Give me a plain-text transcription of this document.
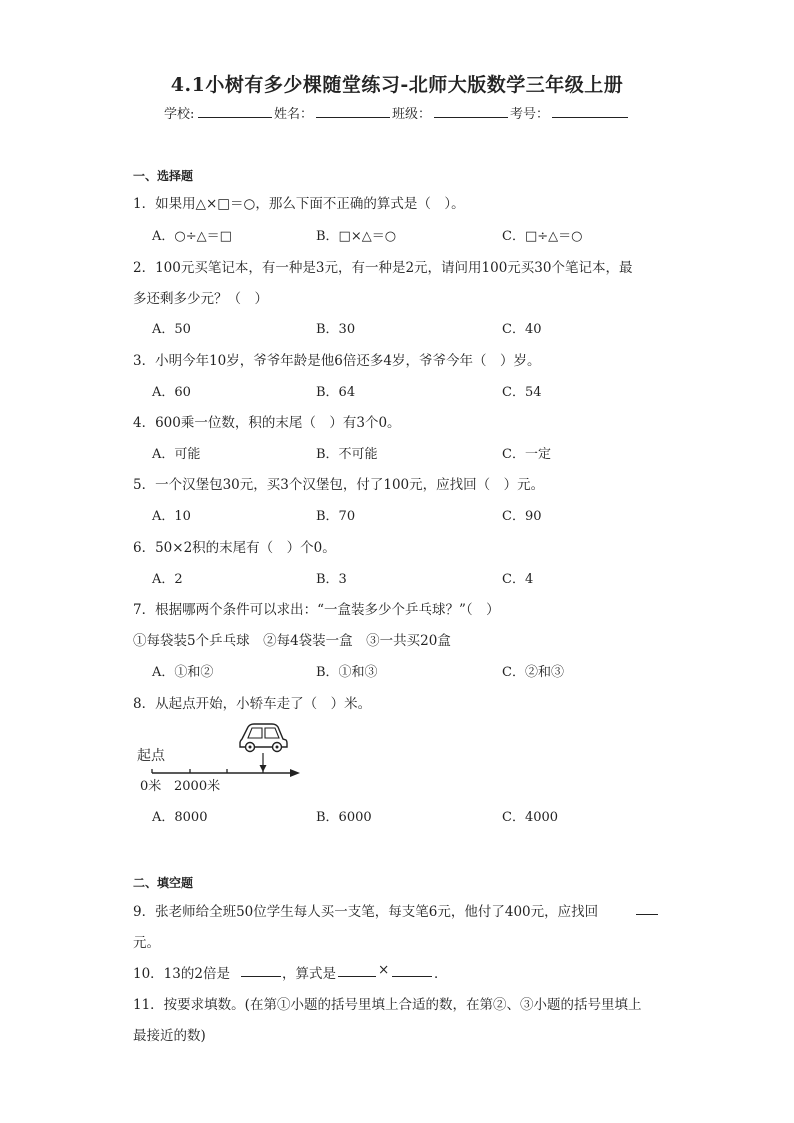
4.1小树有多少棵随堂练习-北师大版数学三年级上册
学校:	姓名：	班级：	考号：
一、选择题
1．如果用△×□＝○，那么下面不正确的算式是（　）。
A．○÷△＝□	B．□×△＝○	C．□÷△＝○
2．100元买笔记本，有一种是3元，有一种是2元，请问用100元买30个笔记本，最
多还剩多少元？（　）
A．50	B．30	C．40
3．小明今年10岁，爷爷年龄是他6倍还多4岁，爷爷今年（　）岁。
A．60	B．64	C．54
4．600乘一位数，积的末尾（　）有3个0。
A．可能	B．不可能	C．一定
5．一个汉堡包30元，买3个汉堡包，付了100元，应找回（　）元。
A．10	B．70	C．90
6．50×2积的末尾有（　）个0。
A．2	B．3	C．4
7．根据哪两个条件可以求出：“一盒装多少个乒乓球？”（　）
①每袋装5个乒乓球　②每4袋装一盒　③一共买20盒
A．①和②	B．①和③	C．②和③
8．从起点开始，小轿车走了（　）米。
起点
0米 2000米
A．8000	B．6000	C．4000
二、填空题
9．张老师给全班50位学生每人买一支笔，每支笔6元，他付了400元，应找回
元。
10．13的2倍是	，算式是	×	．
11．按要求填数。(在第①小题的括号里填上合适的数，在第②、③小题的括号里填上
最接近的数)
